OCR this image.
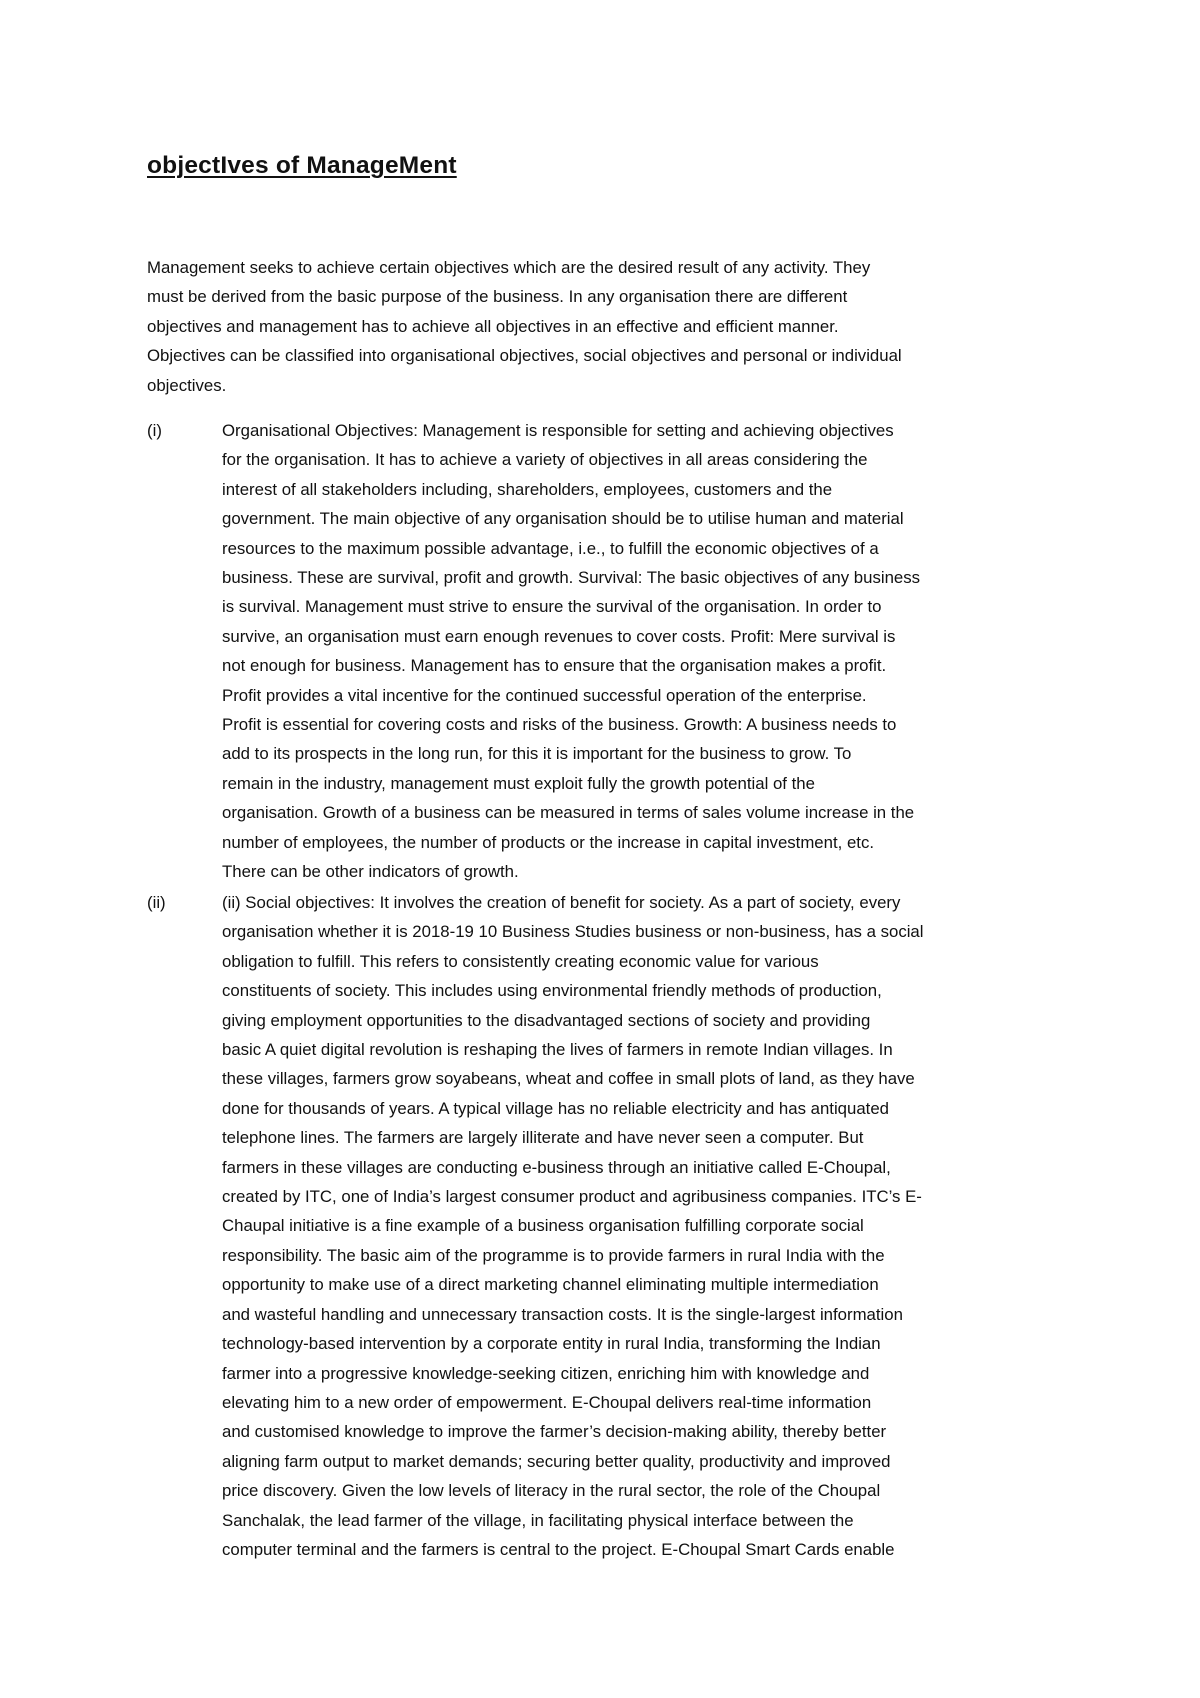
objectIves of ManageMent

Management seeks to achieve certain objectives which are the desired result of any activity. They
must be derived from the basic purpose of the business. In any organisation there are different
objectives and management has to achieve all objectives in an effective and efficient manner.
Objectives can be classified into organisational objectives, social objectives and personal or individual
objectives.

(i)	Organisational Objectives: Management is responsible for setting and achieving objectives
for the organisation. It has to achieve a variety of objectives in all areas considering the
interest of all stakeholders including, shareholders, employees, customers and the
government. The main objective of any organisation should be to utilise human and material
resources to the maximum possible advantage, i.e., to fulfill the economic objectives of a
business. These are survival, profit and growth. Survival: The basic objectives of any business
is survival. Management must strive to ensure the survival of the organisation. In order to
survive, an organisation must earn enough revenues to cover costs. Profit: Mere survival is
not enough for business. Management has to ensure that the organisation makes a profit.
Profit provides a vital incentive for the continued successful operation of the enterprise.
Profit is essential for covering costs and risks of the business. Growth: A business needs to
add to its prospects in the long run, for this it is important for the business to grow. To
remain in the industry, management must exploit fully the growth potential of the
organisation. Growth of a business can be measured in terms of sales volume increase in the
number of employees, the number of products or the increase in capital investment, etc.
There can be other indicators of growth.

(ii)	(ii) Social objectives: It involves the creation of benefit for society. As a part of society, every
organisation whether it is 2018-19 10 Business Studies business or non-business, has a social
obligation to fulfill. This refers to consistently creating economic value for various
constituents of society. This includes using environmental friendly methods of production,
giving employment opportunities to the disadvantaged sections of society and providing
basic A quiet digital revolution is reshaping the lives of farmers in remote Indian villages. In
these villages, farmers grow soyabeans, wheat and coffee in small plots of land, as they have
done for thousands of years. A typical village has no reliable electricity and has antiquated
telephone lines. The farmers are largely illiterate and have never seen a computer. But
farmers in these villages are conducting e-business through an initiative called E-Choupal,
created by ITC, one of India’s largest consumer product and agribusiness companies. ITC’s E-
Chaupal initiative is a fine example of a business organisation fulfilling corporate social
responsibility. The basic aim of the programme is to provide farmers in rural India with the
opportunity to make use of a direct marketing channel eliminating multiple intermediation
and wasteful handling and unnecessary transaction costs. It is the single-largest information
technology-based intervention by a corporate entity in rural India, transforming the Indian
farmer into a progressive knowledge-seeking citizen, enriching him with knowledge and
elevating him to a new order of empowerment. E-Choupal delivers real-time information
and customised knowledge to improve the farmer’s decision-making ability, thereby better
aligning farm output to market demands; securing better quality, productivity and improved
price discovery. Given the low levels of literacy in the rural sector, the role of the Choupal
Sanchalak, the lead farmer of the village, in facilitating physical interface between the
computer terminal and the farmers is central to the project. E-Choupal Smart Cards enable
